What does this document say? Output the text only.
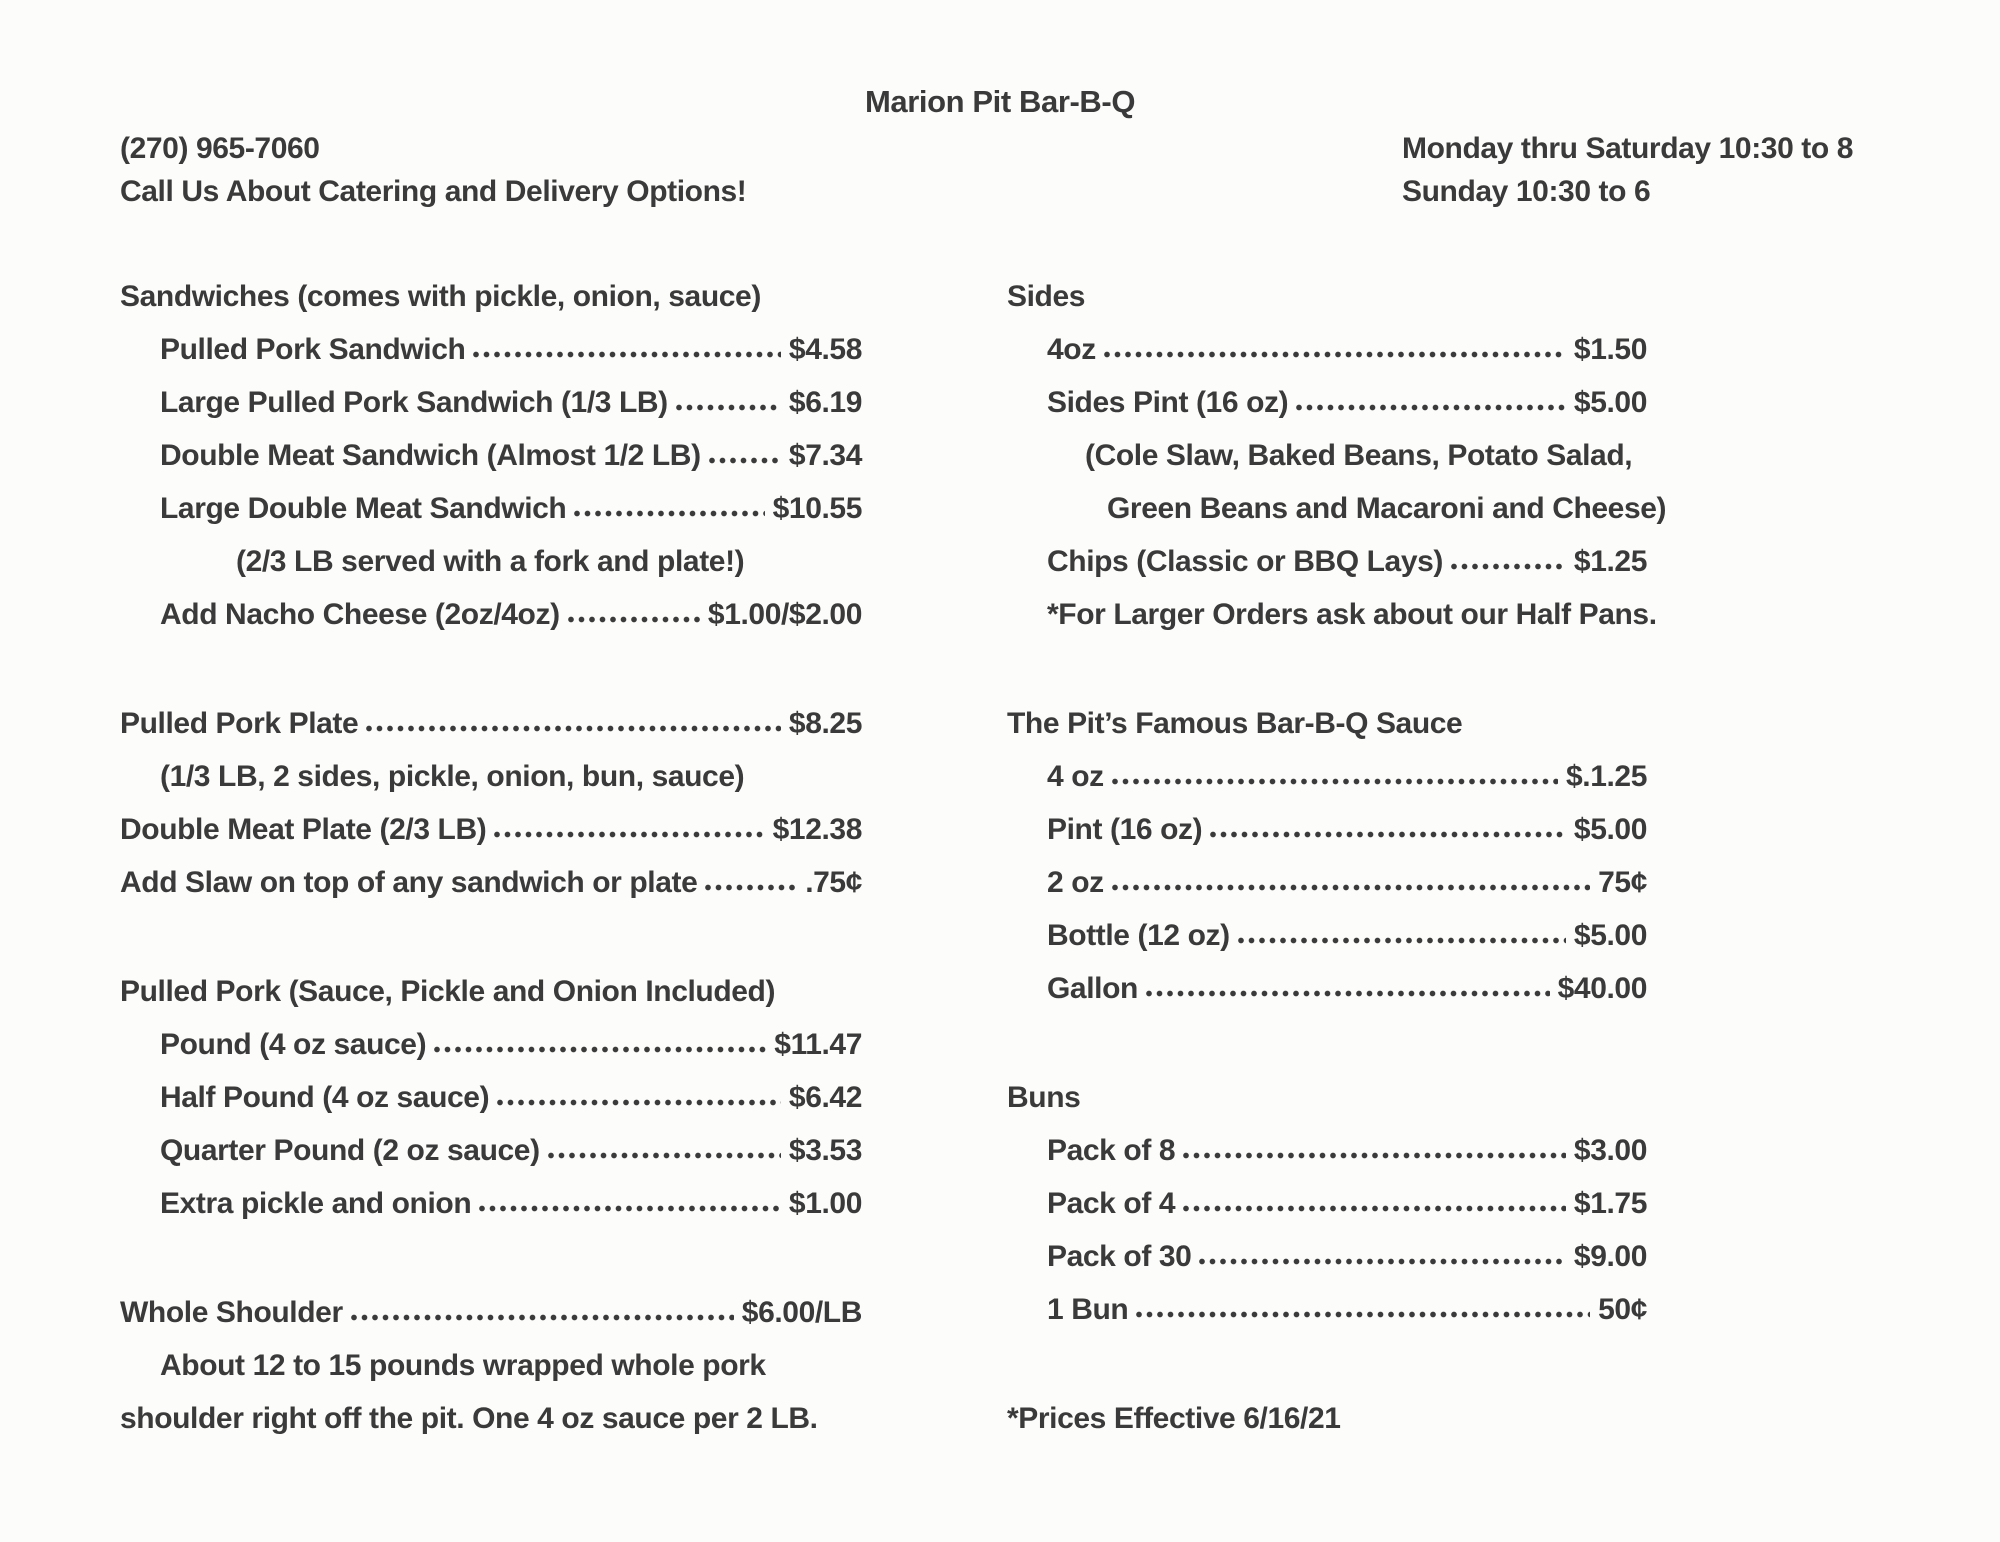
Marion Pit Bar-B-Q
(270) 965-7060
Call Us About Catering and Delivery Options!
Monday thru Saturday 10:30 to 8
Sunday 10:30 to 6
Sandwiches (comes with pickle, onion, sauce)
Pulled Pork Sandwich	$4.58
Large Pulled Pork Sandwich (1/3 LB)	$6.19
Double Meat Sandwich (Almost 1/2 LB)	$7.34
Large Double Meat Sandwich	$10.55
(2/3 LB served with a fork and plate!)
Add Nacho Cheese (2oz/4oz)	$1.00/$2.00
Pulled Pork Plate	$8.25
(1/3 LB, 2 sides, pickle, onion, bun, sauce)
Double Meat Plate (2/3 LB)	$12.38
Add Slaw on top of any sandwich or plate	.75¢
Pulled Pork (Sauce, Pickle and Onion Included)
Pound (4 oz sauce)	$11.47
Half Pound (4 oz sauce)	$6.42
Quarter Pound (2 oz sauce)	$3.53
Extra pickle and onion	$1.00
Whole Shoulder	$6.00/LB
About 12 to 15 pounds wrapped whole pork
shoulder right off the pit. One 4 oz sauce per 2 LB.
Sides
4oz	$1.50
Sides Pint (16 oz)	$5.00
(Cole Slaw, Baked Beans, Potato Salad,
Green Beans and Macaroni and Cheese)
Chips (Classic or BBQ Lays)	$1.25
*For Larger Orders ask about our Half Pans.
The Pit’s Famous Bar-B-Q Sauce
4 oz	$.1.25
Pint (16 oz)	$5.00
2 oz	75¢
Bottle (12 oz)	$5.00
Gallon	$40.00
Buns
Pack of 8	$3.00
Pack of 4	$1.75
Pack of 30	$9.00
1 Bun	50¢
*Prices Effective 6/16/21
